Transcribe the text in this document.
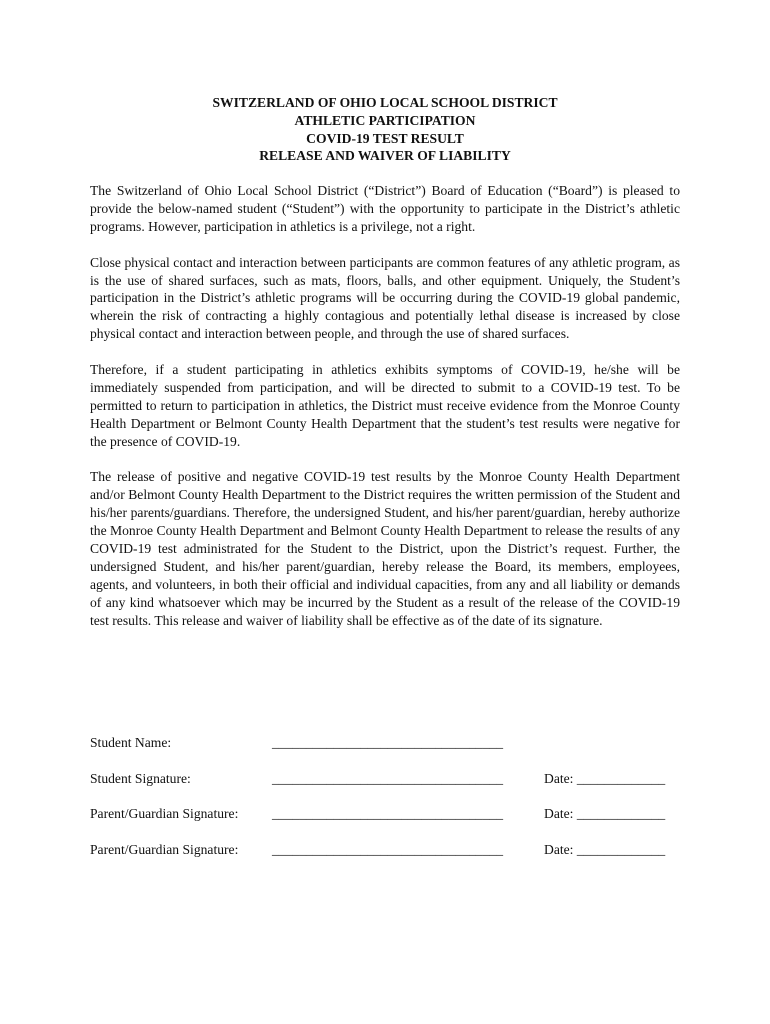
SWITZERLAND OF OHIO LOCAL SCHOOL DISTRICT
ATHLETIC PARTICIPATION
COVID-19 TEST RESULT
RELEASE AND WAIVER OF LIABILITY

The Switzerland of Ohio Local School District (“District”) Board of Education (“Board”) is pleased to provide the below-named student (“Student”) with the opportunity to participate in the District’s athletic programs. However, participation in athletics is a privilege, not a right.

Close physical contact and interaction between participants are common features of any athletic program, as is the use of shared surfaces, such as mats, floors, balls, and other equipment. Uniquely, the Student’s participation in the District’s athletic programs will be occurring during the COVID-19 global pandemic, wherein the risk of contracting a highly contagious and potentially lethal disease is increased by close physical contact and interaction between people, and through the use of shared surfaces.

Therefore, if a student participating in athletics exhibits symptoms of COVID-19, he/she will be immediately suspended from participation, and will be directed to submit to a COVID-19 test. To be permitted to return to participation in athletics, the District must receive evidence from the Monroe County Health Department or Belmont County Health Department that the student’s test results were negative for the presence of COVID-19.

The release of positive and negative COVID-19 test results by the Monroe County Health Department and/or Belmont County Health Department to the District requires the written permission of the Student and his/her parents/guardians. Therefore, the undersigned Student, and his/her parent/guardian, hereby authorize the Monroe County Health Department and Belmont County Health Department to release the results of any COVID-19 test administrated for the Student to the District, upon the District’s request. Further, the undersigned Student, and his/her parent/guardian, hereby release the Board, its members, employees, agents, and volunteers, in both their official and individual capacities, from any and all liability or demands of any kind whatsoever which may be incurred by the Student as a result of the release of the COVID-19 test results. This release and waiver of liability shall be effective as of the date of its signature.

Student Name:	__________________________________
Student Signature:	__________________________________	Date: _____________
Parent/Guardian Signature: __________________________________	Date: _____________
Parent/Guardian Signature: __________________________________	Date: _____________
